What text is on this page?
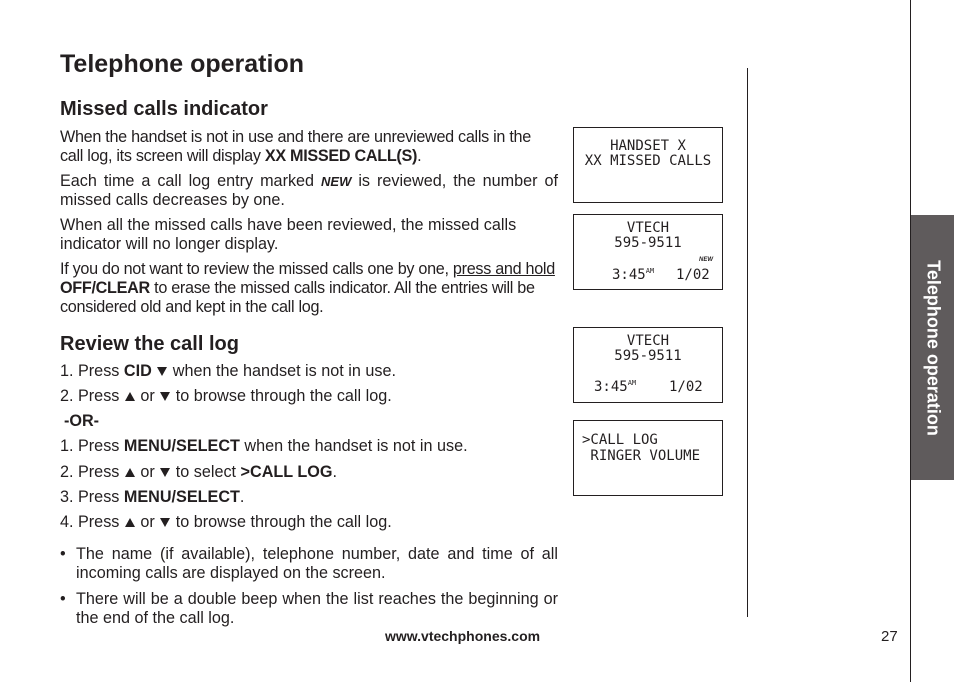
Telephone operation
Missed calls indicator

When the handset is not in use and there are unreviewed calls in the call log, its screen will display XX MISSED CALL(S).

Each time a call log entry marked NEW is reviewed, the number of missed calls decreases by one.

When all the missed calls have been reviewed, the missed calls indicator will no longer display.

If you do not want to review the missed calls one by one, press and hold OFF/CLEAR to erase the missed calls indicator. All the entries will be considered old and kept in the call log.

Review the call log
1. Press CID  when the handset is not in use.
2. Press  or  to browse through the call log.
-OR-
1. Press MENU/SELECT when the handset is not in use.
2. Press  or  to select >CALL LOG.
3. Press MENU/SELECT.
4. Press  or  to browse through the call log.
• The name (if available), telephone number, date and time of all incoming calls are displayed on the screen.
• There will be a double beep when the list reaches the beginning or the end of the call log.
HANDSET X
XX MISSED CALLS
VTECH
595-9511
NEW
$3:45^{AM}$ 1/02
VTECH
595-9511
$3:45^{AM}$ 1/02
>CALL LOG
RINGER VOLUME
Telephone operation
www.vtechphones.com	27
